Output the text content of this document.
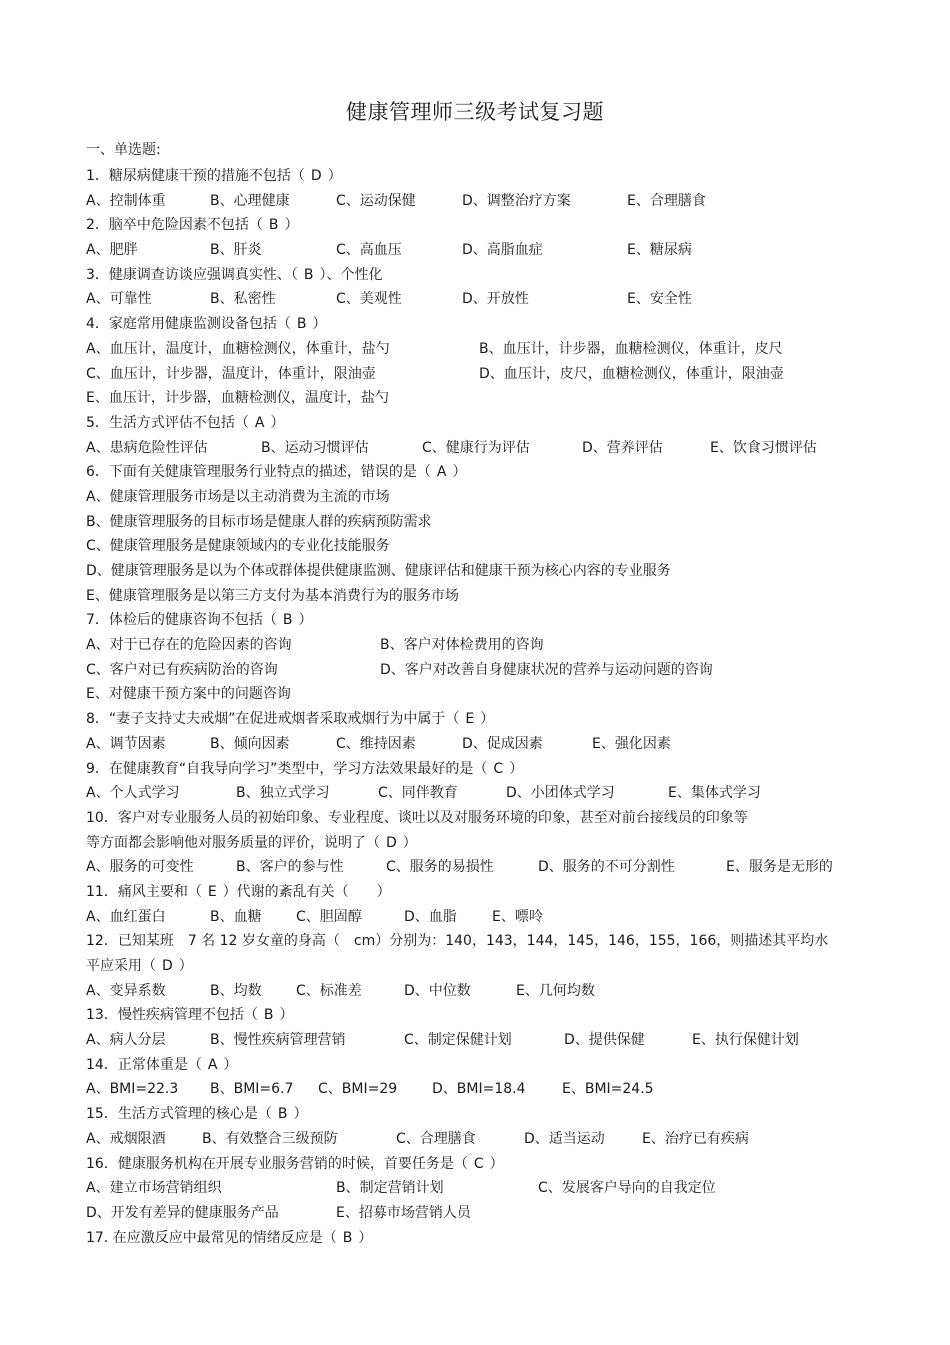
健康管理师三级考试复习题
一、单选题:
1．糖尿病健康干预的措施不包括（ D ）
A、控制体重	B、心理健康	C、运动保健	D、调整治疗方案	E、合理膳食
2．脑卒中危险因素不包括（ B ）
A、肥胖	B、肝炎	C、高血压	D、高脂血症	E、糖尿病
3．健康调查访谈应强调真实性、（ B ）、个性化
A、可靠性	B、私密性	C、美观性	D、开放性	E、安全性
4．家庭常用健康监测设备包括（ B ）
A、血压计，温度计，血糖检测仪，体重计，盐勺	B、血压计，计步器，血糖检测仪，体重计，皮尺
C、血压计，计步器，温度计，体重计，限油壶	D、血压计，皮尺，血糖检测仪，体重计，限油壶
E、血压计，计步器，血糖检测仪，温度计，盐勺
5．生活方式评估不包括（ A ）
A、患病危险性评估	B、运动习惯评估	C、健康行为评估	D、营养评估	E、饮食习惯评估
6．下面有关健康管理服务行业特点的描述，错误的是（ A ）
A、健康管理服务市场是以主动消费为主流的市场
B、健康管理服务的目标市场是健康人群的疾病预防需求
C、健康管理服务是健康领域内的专业化技能服务
D、健康管理服务是以为个体或群体提供健康监测、健康评估和健康干预为核心内容的专业服务
E、健康管理服务是以第三方支付为基本消费行为的服务市场
7．体检后的健康咨询不包括（ B ）
A、对于已存在的危险因素的咨询	B、客户对体检费用的咨询
C、客户对已有疾病防治的咨询	D、客户对改善自身健康状况的营养与运动问题的咨询
E、对健康干预方案中的问题咨询
8．“妻子支持丈夫戒烟”在促进戒烟者采取戒烟行为中属于（ E ）
A、调节因素	B、倾向因素	C、维持因素	D、促成因素	E、强化因素
9．在健康教育“自我导向学习”类型中，学习方法效果最好的是（ C ）
A、个人式学习	B、独立式学习	C、同伴教育	D、小团体式学习	E、集体式学习
10．客户对专业服务人员的初始印象、专业程度、谈吐以及对服务环境的印象，甚至对前台接线员的印象等
等方面都会影响他对服务质量的评价，说明了（ D ）
A、服务的可变性	B、客户的参与性	C、服务的易损性	D、服务的不可分割性	E、服务是无形的
11．痛风主要和（ E ）代谢的紊乱有关（　　）
A、血红蛋白	B、血糖 C、胆固醇	D、血脂	E、嘌呤
12．已知某班　7 名 12 岁女童的身高（　cm）分别为：140，143，144，145，146，155，166，则描述其平均水
平应采用（ D ）
A、变异系数	B、均数 C、标准差	D、中位数	E、几何均数
13．慢性疾病管理不包括（ B ）
A、病人分层	B、慢性疾病管理营销	C、制定保健计划	D、提供保健	E、执行保健计划
14．正常体重是（ A ）
A、BMI=22.3 B、BMI=6.7 C、BMI=29 D、BMI=18.4	E、BMI=24.5
15．生活方式管理的核心是（ B ）
A、戒烟限酒	B、有效整合三级预防	C、合理膳食	D、适当运动	E、治疗已有疾病
16．健康服务机构在开展专业服务营销的时候，首要任务是（ C ）
A、建立市场营销组织	B、制定营销计划	C、发展客户导向的自我定位
D、开发有差异的健康服务产品	E、招募市场营销人员
17. 在应激反应中最常见的情绪反应是（ B ）
